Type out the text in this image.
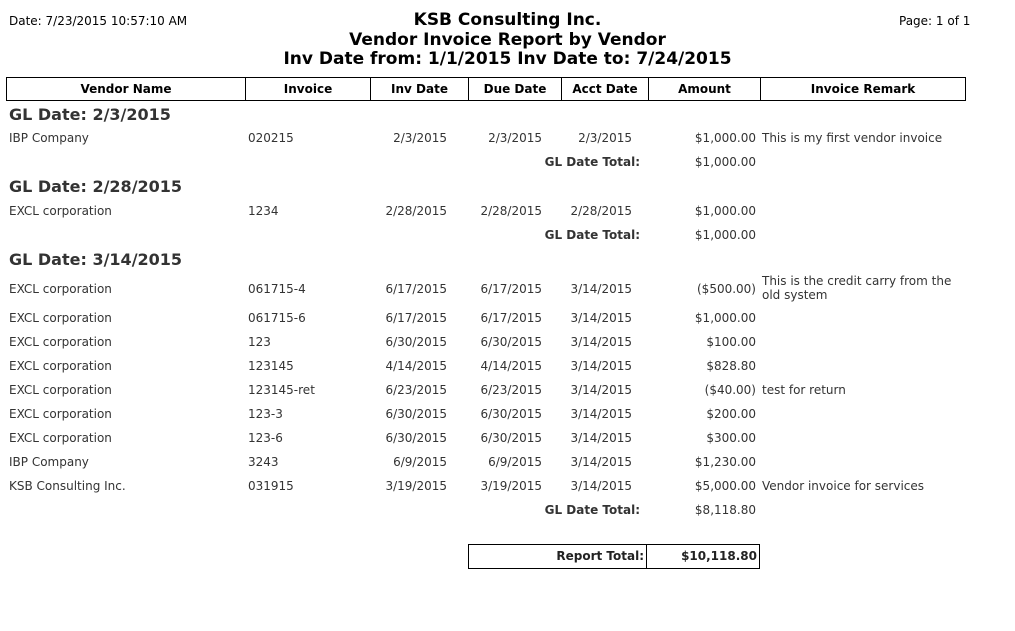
Date: 7/23/2015 10:57:10 AM	Page: 1 of 1
KSB Consulting Inc.
Vendor Invoice Report by Vendor
Inv Date from: 1/1/2015 Inv Date to: 7/24/2015
Vendor Name	Invoice	Inv Date	Due Date	Acct Date	Amount	Invoice Remark
GL Date: 2/3/2015
IBP Company	020215	2/3/2015	2/3/2015	2/3/2015	$1,000.00 This is my first vendor invoice
GL Date Total:	$1,000.00
GL Date: 2/28/2015
EXCL corporation	1234	2/28/2015	2/28/2015	2/28/2015	$1,000.00
GL Date Total:	$1,000.00
GL Date: 3/14/2015
EXCL corporation	061715-4	6/17/2015	6/17/2015	3/14/2015	($500.00)
This is the credit carry from the old system
EXCL corporation	061715-6	6/17/2015	6/17/2015	3/14/2015	$1,000.00
EXCL corporation	123	6/30/2015	6/30/2015	3/14/2015	$100.00
EXCL corporation	123145	4/14/2015	4/14/2015	3/14/2015	$828.80
EXCL corporation	123145-ret	6/23/2015	6/23/2015	3/14/2015	($40.00) test for return
EXCL corporation	123-3	6/30/2015	6/30/2015	3/14/2015	$200.00
EXCL corporation	123-6	6/30/2015	6/30/2015	3/14/2015	$300.00
IBP Company	3243	6/9/2015	6/9/2015	3/14/2015	$1,230.00
KSB Consulting Inc.	031915	3/19/2015	3/19/2015	3/14/2015	$5,000.00 Vendor invoice for services
GL Date Total:	$8,118.80
Report Total:	$10,118.80
